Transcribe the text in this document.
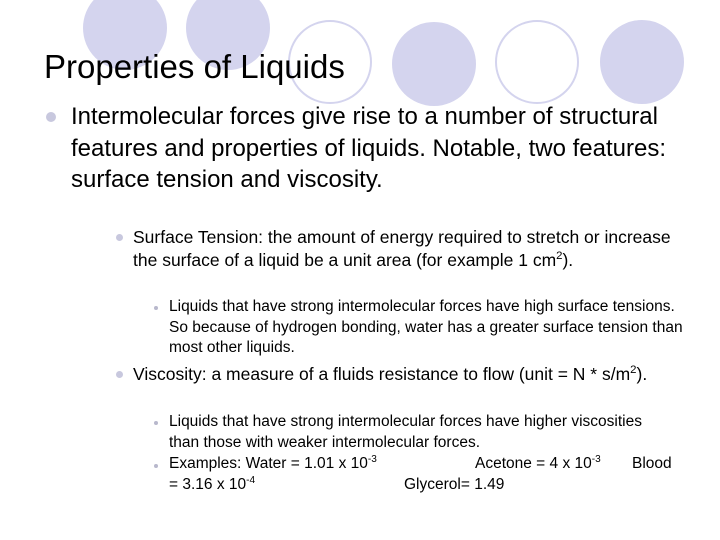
Properties of Liquids
Intermolecular forces give rise to a number of structural features and properties of liquids. Notable, two features: surface tension and viscosity.
Surface Tension: the amount of energy required to stretch or increase the surface of a liquid be a unit area (for example 1 $cm^2$).
Liquids that have strong intermolecular forces have high surface tensions. So because of hydrogen bonding, water has a greater surface tension than most other liquids.
Viscosity: a measure of a fluids resistance to flow (unit = N * $s/m^2$).
Liquids that have strong intermolecular forces have higher viscosities than those with weaker intermolecular forces.
Examples: Water = 1.01 x $10^{-3}$	Acetone = 4 x $10^{-3}$	Blood = 3.16 x $10^{-4}$	Glycerol= 1.49
